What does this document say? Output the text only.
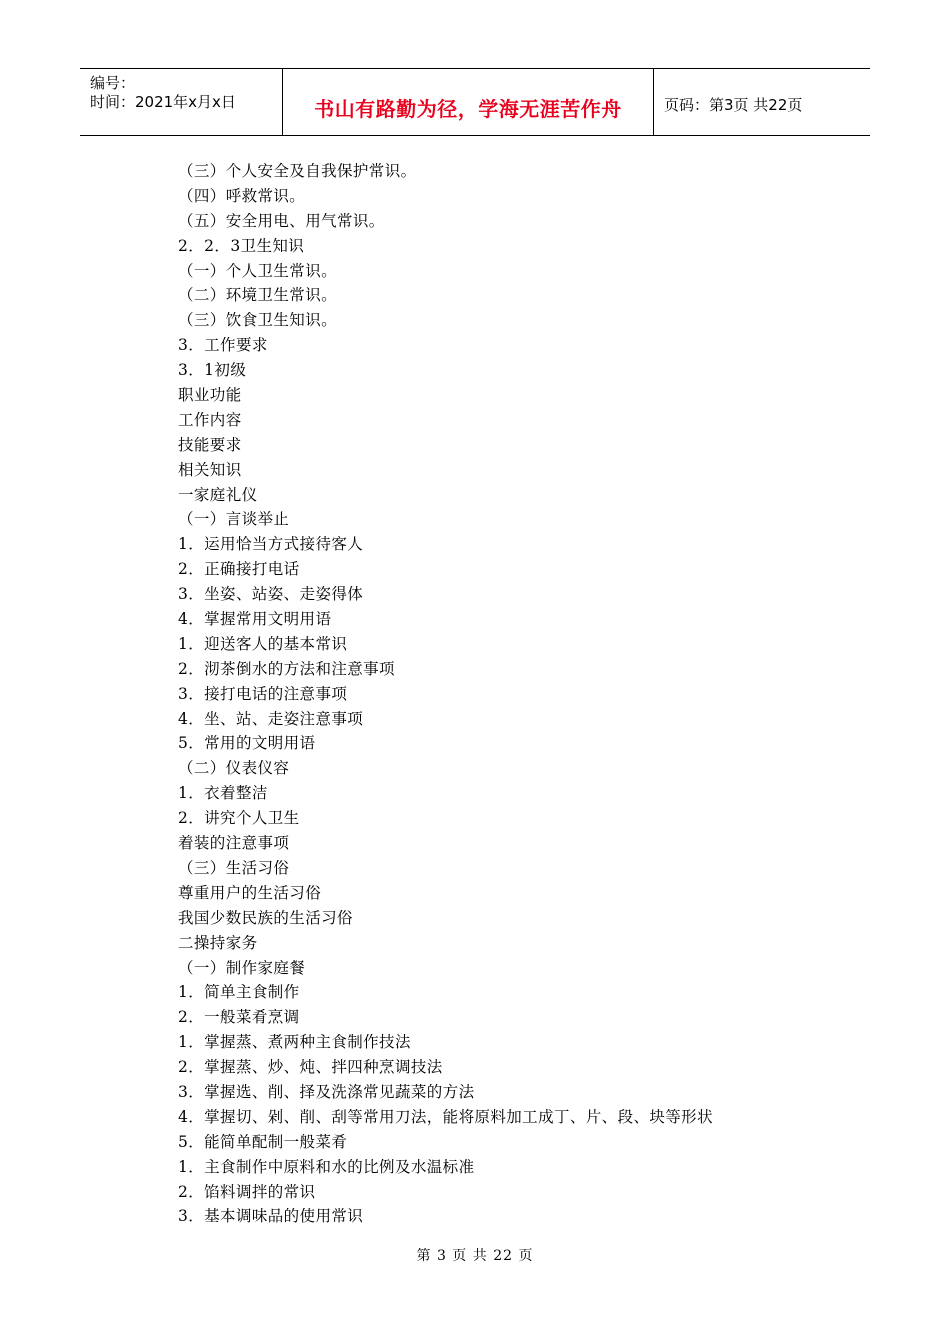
编号：
时间：2021年x月x日	书山有路勤为径，学海无涯苦作舟	页码：第3页 共22页
（三）个人安全及自我保护常识。
（四）呼救常识。
（五）安全用电、用气常识。
2．2．3卫生知识
（一）个人卫生常识。
（二）环境卫生常识。
（三）饮食卫生知识。
3．工作要求
3．1初级
职业功能
工作内容
技能要求
相关知识
一家庭礼仪
（一）言谈举止
1．运用恰当方式接待客人
2．正确接打电话
3．坐姿、站姿、走姿得体
4．掌握常用文明用语
1．迎送客人的基本常识
2．沏茶倒水的方法和注意事项
3．接打电话的注意事项
4．坐、站、走姿注意事项
5．常用的文明用语
（二）仪表仪容
1．衣着整洁
2．讲究个人卫生
着装的注意事项
（三）生活习俗
尊重用户的生活习俗
我国少数民族的生活习俗
二操持家务
（一）制作家庭餐
1．简单主食制作
2．一般菜肴烹调
1．掌握蒸、煮两种主食制作技法
2．掌握蒸、炒、炖、拌四种烹调技法
3．掌握选、削、择及洗涤常见蔬菜的方法
4．掌握切、剁、削、刮等常用刀法，能将原料加工成丁、片、段、块等形状
5．能简单配制一般菜肴
1．主食制作中原料和水的比例及水温标准
2．馅料调拌的常识
3．基本调味品的使用常识
第 3 页 共 22 页
